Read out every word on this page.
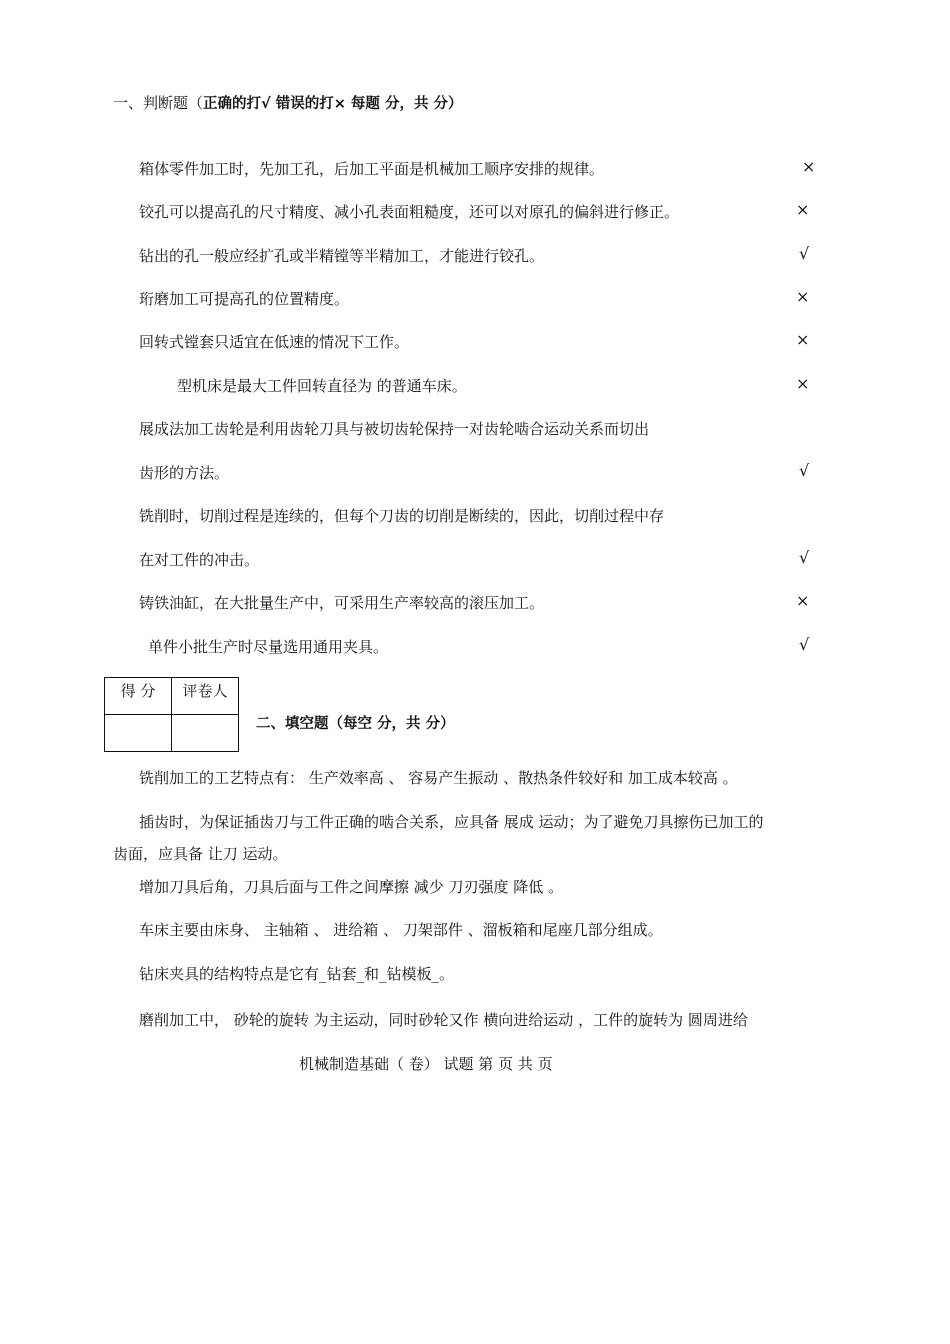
一、判断题（正确的打√ 错误的打× 每题 分，共 分）
箱体零件加工时，先加工孔，后加工平面是机械加工顺序安排的规律。	×
铰孔可以提高孔的尺寸精度、减小孔表面粗糙度，还可以对原孔的偏斜进行修正。	×
钻出的孔一般应经扩孔或半精镗等半精加工，才能进行铰孔。	√
珩磨加工可提高孔的位置精度。	×
回转式镗套只适宜在低速的情况下工作。	×
型机床是最大工件回转直径为 的普通车床。	×
展成法加工齿轮是利用齿轮刀具与被切齿轮保持一对齿轮啮合运动关系而切出
齿形的方法。	√
铣削时，切削过程是连续的，但每个刀齿的切削是断续的，因此，切削过程中存
在对工件的冲击。	√
铸铁油缸，在大批量生产中，可采用生产率较高的滚压加工。	×
单件小批生产时尽量选用通用夹具。	√
得 分	评卷人

二、填空题（每空 分，共 分）
铣削加工的工艺特点有： 生产效率高 、 容易产生振动 、散热条件较好和 加工成本较高 。
插齿时，为保证插齿刀与工件正确的啮合关系，应具备 展成 运动；为了避免刀具擦伤已加工的
齿面，应具备 让刀 运动。
增加刀具后角，刀具后面与工件之间摩擦 减少 刀刃强度 降低 。
车床主要由床身、 主轴箱 、 进给箱 、 刀架部件 、溜板箱和尾座几部分组成。
钻床夹具的结构特点是它有_钻套_和_钻模板_。
磨削加工中， 砂轮的旋转 为主运动，同时砂轮又作 横向进给运动 ，工件的旋转为 圆周进给
机械制造基础（ 卷） 试题 第 页 共 页
